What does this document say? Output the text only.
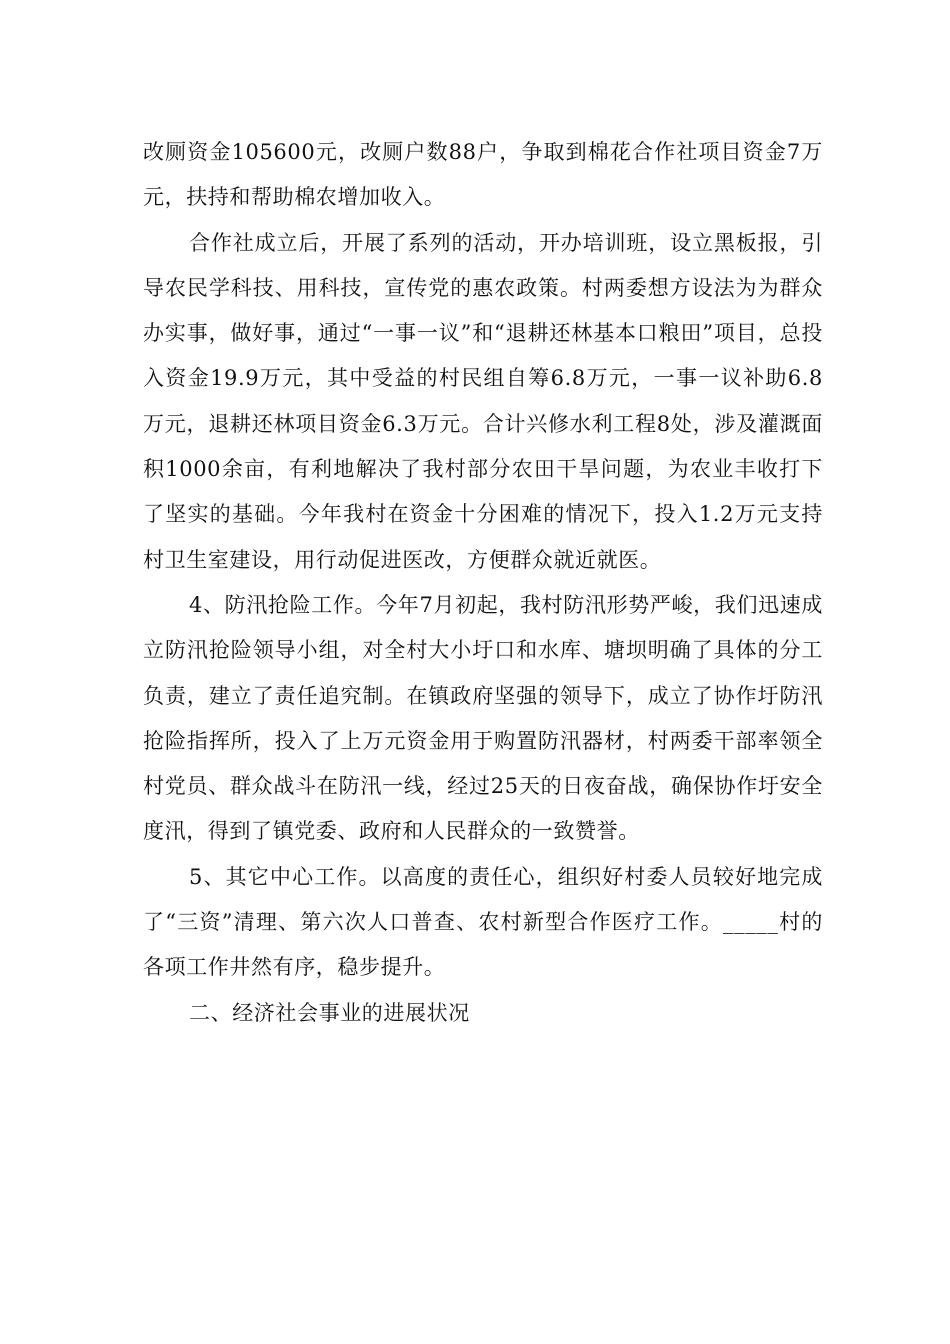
改厕资金105600元，改厕户数88户，争取到棉花合作社项目资金7万元，扶持和帮助棉农增加收入。

合作社成立后，开展了系列的活动，开办培训班，设立黑板报，引导农民学科技、用科技，宣传党的惠农政策。村两委想方设法为为群众办实事，做好事，通过“一事一议”和“退耕还林基本口粮田”项目，总投入资金19.9万元，其中受益的村民组自筹6.8万元，一事一议补助6.8万元，退耕还林项目资金6.3万元。合计兴修水利工程8处，涉及灌溉面积1000余亩，有利地解决了我村部分农田干旱问题，为农业丰收打下了坚实的基础。今年我村在资金十分困难的情况下，投入1.2万元支持村卫生室建设，用行动促进医改，方便群众就近就医。

4、防汛抢险工作。今年7月初起，我村防汛形势严峻，我们迅速成立防汛抢险领导小组，对全村大小圩口和水库、塘坝明确了具体的分工负责，建立了责任追究制。在镇政府坚强的领导下，成立了协作圩防汛抢险指挥所，投入了上万元资金用于购置防汛器材，村两委干部率领全村党员、群众战斗在防汛一线，经过25天的日夜奋战，确保协作圩安全度汛，得到了镇党委、政府和人民群众的一致赞誉。

5、其它中心工作。以高度的责任心，组织好村委人员较好地完成了“三资”清理、第六次人口普查、农村新型合作医疗工作。_____村的各项工作井然有序，稳步提升。

二、经济社会事业的进展状况
